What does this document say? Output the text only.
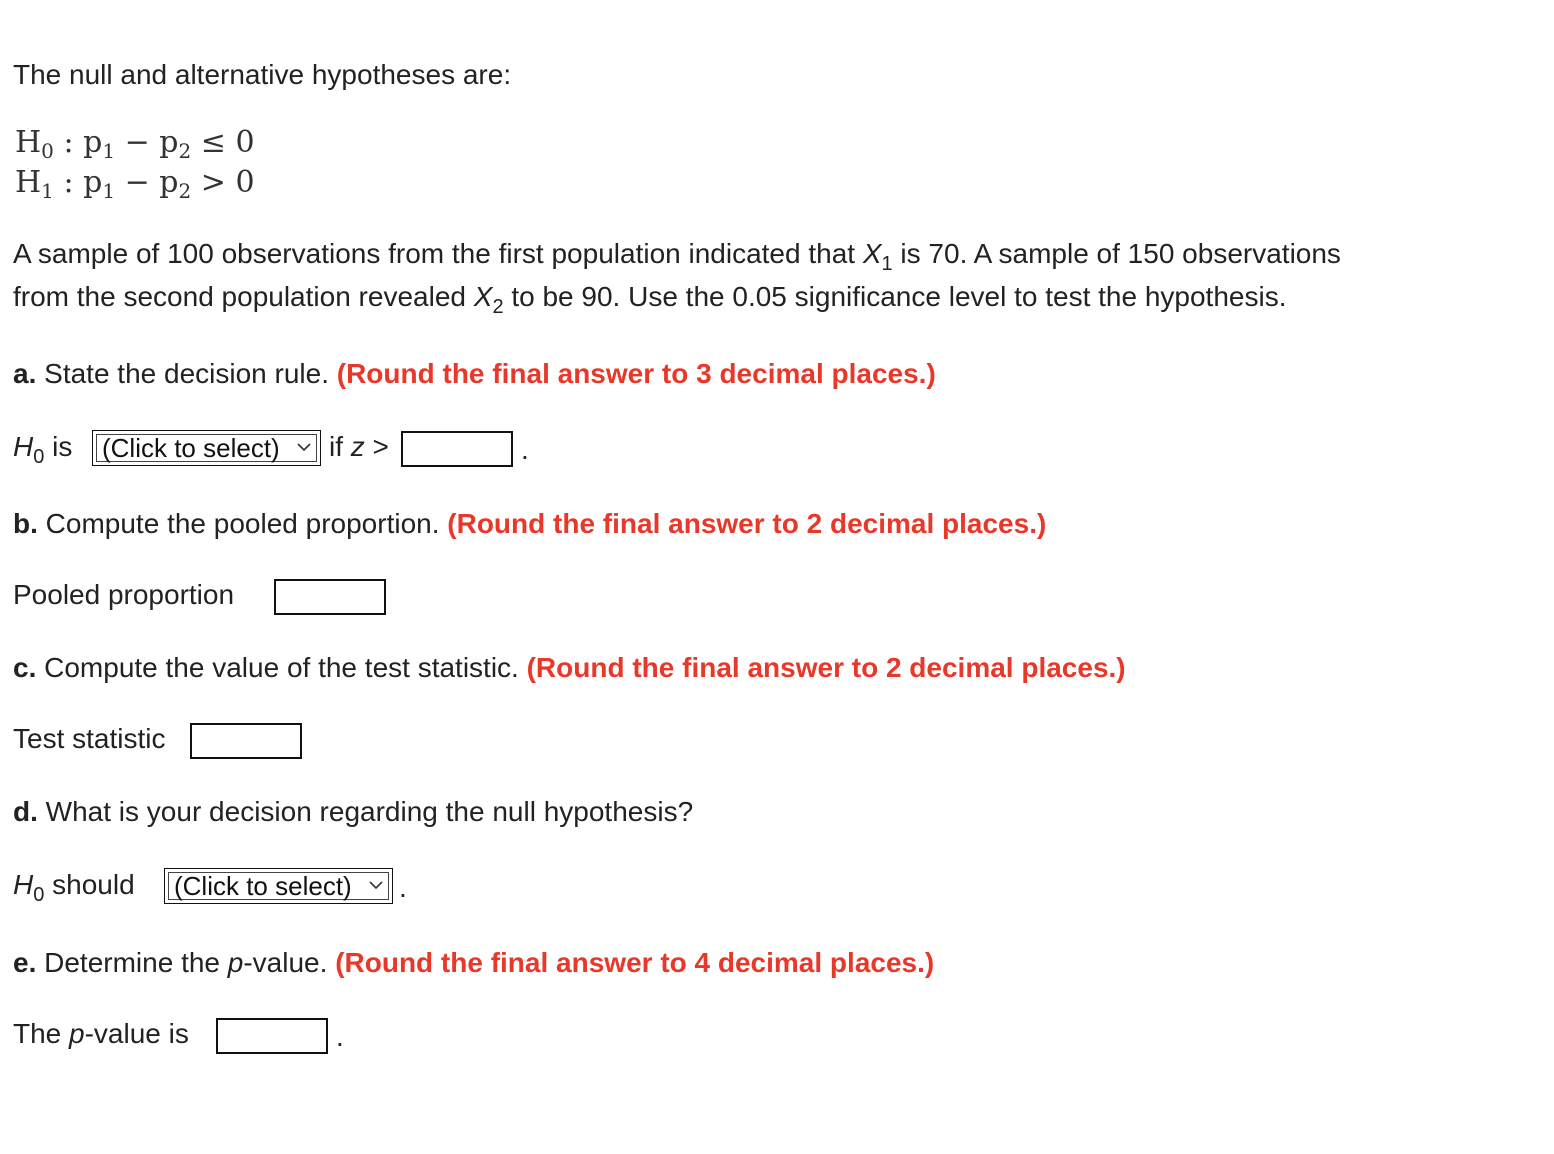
The null and alternative hypotheses are:
$H_0$ : $p_1 - p_2 \le 0$
$H_1$ : $p_1 - p_2 > 0$
A sample of 100 observations from the first population indicated that $X_1$ is 70. A sample of 150 observations
from the second population revealed $X_2$ to be 90. Use the 0.05 significance level to test the hypothesis.
a. State the decision rule. (Round the final answer to 3 decimal places.)
$H_0$ is (Click to select) if z >	.
b. Compute the pooled proportion. (Round the final answer to 2 decimal places.)
Pooled proportion
c. Compute the value of the test statistic. (Round the final answer to 2 decimal places.)
Test statistic
d. What is your decision regarding the null hypothesis?
$H_0$ should (Click to select) .
e. Determine the p-value. (Round the final answer to 4 decimal places.)
The p-value is	.
